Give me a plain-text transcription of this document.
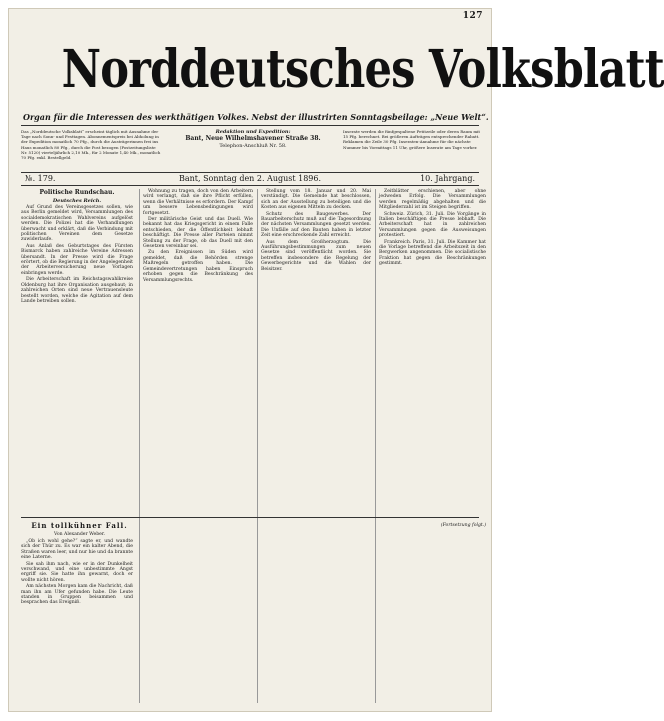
127
Norddeutsches Volksblatt
Organ für die Interessen des werkthätigen Volkes. Nebst der illustrirten Sonntagsbeilage: „Neue Welt“.
Das „Norddeutsche Volksblatt“ erscheint täglich mit Ausnahme der Tage nach Sonn- und Festtagen. Abonnementspreis bei Abholung in der Expedition monatlich 70 Pfg., durch die Austrägerinnen frei ins Haus monatlich 80 Pfg., durch die Post bezogen (Postzeitungsliste Nr. 5120) vierteljährlich 2,10 Mk., für 2 Monate 1,40 Mk., monatlich 70 Pfg. exkl. Bestellgeld.
Redaktion und Expedition:
Bant, Neue Wilhelmshavener Straße 38.
Telephon-Anschluß Nr. 58.
Inserate werden die fünfgespaltene Petitzeile oder deren Raum mit 15 Pfg. berechnet. Bei größeren Aufträgen entsprechender Rabatt. Reklamen die Zeile 30 Pfg. Inseraten-Annahme für die nächste Nummer bis Vormittags 11 Uhr, größere Inserate am Tage vorher.
№. 179.	Bant, Sonntag den 2. August 1896.	10. Jahrgang.
Politische Rundschau.
Deutsches Reich.

Auf Grund des Vereinsgesetzes sollen, wie aus Berlin gemeldet wird, Versammlungen des socialdemokratischen Wahlvereins aufgelöst werden. Die Polizei hat die Verhandlungen überwacht und erklärt, daß die Verbindung mit politischen Vereinen dem Gesetze zuwiderlaufe.

Aus Anlaß des Geburtstages des Fürsten Bismarck haben zahlreiche Vereine Adressen übersandt. In der Presse wird die Frage erörtert, ob die Regierung in der Angelegenheit der Arbeiterversicherung neue Vorlagen einbringen werde.

Die Arbeiterschaft im Reichstagswahlkreise Oldenburg hat ihre Organisation ausgebaut; in zahlreichen Orten sind neue Vertrauensleute bestellt worden, welche die Agitation auf dem Lande betreiben sollen.

Wohnung zu tragen, doch von den Arbeitern wird verlangt, daß sie ihre Pflicht erfüllen, wenn die Verhältnisse es erfordern. Der Kampf um bessere Lebensbedingungen wird fortgesetzt.

Der militärische Geist und das Duell. Wie bekannt hat das Kriegsgericht in einem Falle entschieden, der die Öffentlichkeit lebhaft beschäftigt. Die Presse aller Parteien nimmt Stellung zu der Frage, ob das Duell mit den Gesetzen vereinbar sei.

Zu den Ereignissen im Süden wird gemeldet, daß die Behörden strenge Maßregeln getroffen haben. Die Gemeindevertretungen haben Einspruch erhoben gegen die Beschränkung des Versammlungsrechts.

Stellung vom 18. Januar und 20. Mai verständigt. Die Gemeinde hat beschlossen, sich an der Ausstellung zu beteiligen und die Kosten aus eigenen Mitteln zu decken.

Schutz des Baugewerbes. Der Bauarbeiterschutz muß auf die Tagesordnung der nächsten Versammlungen gesetzt werden. Die Unfälle auf den Bauten haben in letzter Zeit eine erschreckende Zahl erreicht.

Aus dem Großherzogtum. Die Ausführungsbestimmungen zum neuen Gesetze sind veröffentlicht worden. Sie betreffen insbesondere die Regelung der Gewerbegerichte und die Wahlen der Beisitzer.

Zeitblätter erschienen, aber ohne jedweden Erfolg. Die Versammlungen werden regelmäßig abgehalten und die Mitgliederzahl ist im Steigen begriffen.

Schweiz. Zürich, 31. Juli. Die Vorgänge in Italien beschäftigen die Presse lebhaft. Die Arbeiterschaft hat in zahlreichen Versammlungen gegen die Ausweisungen protestiert.

Frankreich. Paris, 31. Juli. Die Kammer hat die Vorlage betreffend die Arbeitszeit in den Bergwerken angenommen. Die socialistische Fraktion hat gegen die Beschränkungen gestimmt.

Ein tollkühner Fall.

Von Alexander Weber.

„Ob ich wohl gehe?“ sagte er, und wandte sich der Thür zu. Es war ein kalter Abend, die Straßen waren leer, und nur hie und da brannte eine Laterne.

Sie sah ihm nach, wie er in der Dunkelheit verschwand, und eine unbestimmte Angst ergriff sie. Sie hatte ihn gewarnt, doch er wollte nicht hören.

Am nächsten Morgen kam die Nachricht, daß man ihn am Ufer gefunden habe. Die Leute standen in Gruppen beisammen und besprachen das Ereigniß.

(Fortsetzung folgt.)
